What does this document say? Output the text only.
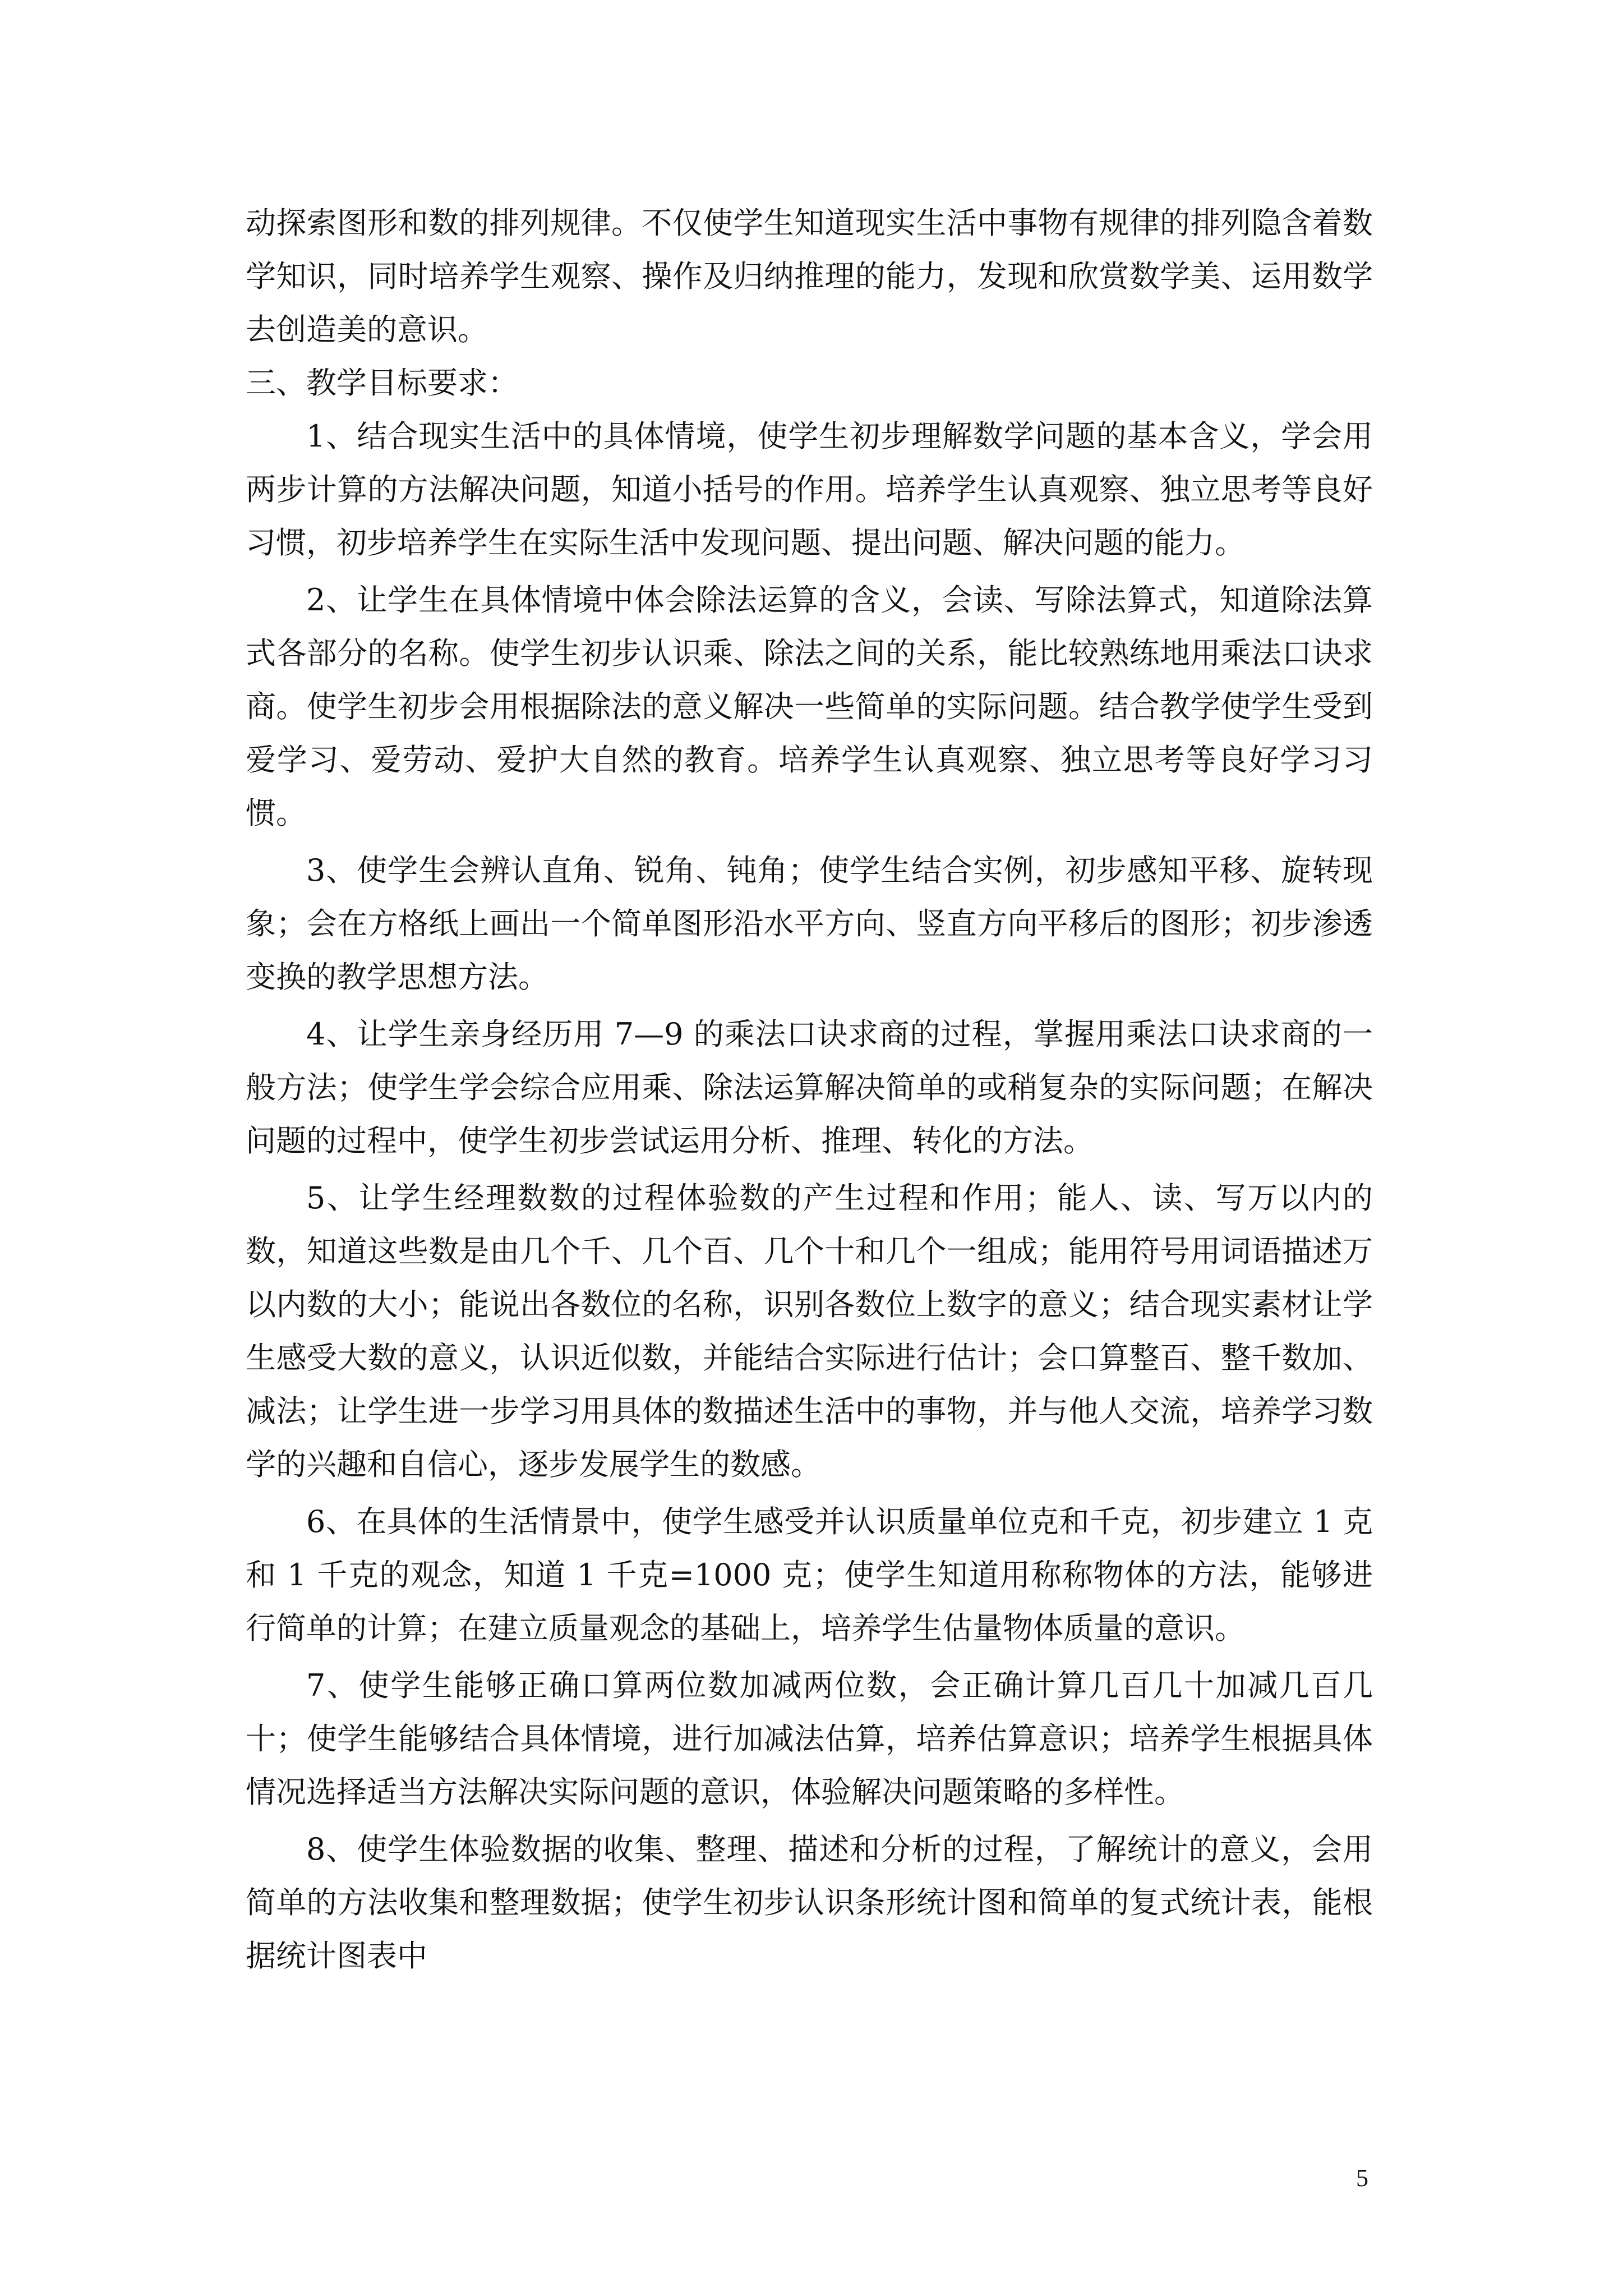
动探索图形和数的排列规律。不仅使学生知道现实生活中事物有规律的排列隐含着数学知识，同时培养学生观察、操作及归纳推理的能力，发现和欣赏数学美、运用数学去创造美的意识。

三、教学目标要求：

1、结合现实生活中的具体情境，使学生初步理解数学问题的基本含义，学会用两步计算的方法解决问题，知道小括号的作用。培养学生认真观察、独立思考等良好习惯，初步培养学生在实际生活中发现问题、提出问题、解决问题的能力。

2、让学生在具体情境中体会除法运算的含义，会读、写除法算式，知道除法算式各部分的名称。使学生初步认识乘、除法之间的关系，能比较熟练地用乘法口诀求商。使学生初步会用根据除法的意义解决一些简单的实际问题。结合教学使学生受到爱学习、爱劳动、爱护大自然的教育。培养学生认真观察、独立思考等良好学习习惯。

3、使学生会辨认直角、锐角、钝角；使学生结合实例，初步感知平移、旋转现象；会在方格纸上画出一个简单图形沿水平方向、竖直方向平移后的图形；初步渗透变换的教学思想方法。

4、让学生亲身经历用 7—9 的乘法口诀求商的过程，掌握用乘法口诀求商的一般方法；使学生学会综合应用乘、除法运算解决简单的或稍复杂的实际问题；在解决问题的过程中，使学生初步尝试运用分析、推理、转化的方法。

5、让学生经理数数的过程体验数的产生过程和作用；能人、读、写万以内的数，知道这些数是由几个千、几个百、几个十和几个一组成；能用符号用词语描述万以内数的大小；能说出各数位的名称，识别各数位上数字的意义；结合现实素材让学生感受大数的意义，认识近似数，并能结合实际进行估计；会口算整百、整千数加、减法；让学生进一步学习用具体的数描述生活中的事物，并与他人交流，培养学习数学的兴趣和自信心，逐步发展学生的数感。

6、在具体的生活情景中，使学生感受并认识质量单位克和千克，初步建立 1 克和 1 千克的观念，知道 1 千克=1000 克；使学生知道用称称物体的方法，能够进行简单的计算；在建立质量观念的基础上，培养学生估量物体质量的意识。

7、使学生能够正确口算两位数加减两位数，会正确计算几百几十加减几百几十；使学生能够结合具体情境，进行加减法估算，培养估算意识；培养学生根据具体情况选择适当方法解决实际问题的意识，体验解决问题策略的多样性。

8、使学生体验数据的收集、整理、描述和分析的过程，了解统计的意义，会用简单的方法收集和整理数据；使学生初步认识条形统计图和简单的复式统计表，能根据统计图表中

5
